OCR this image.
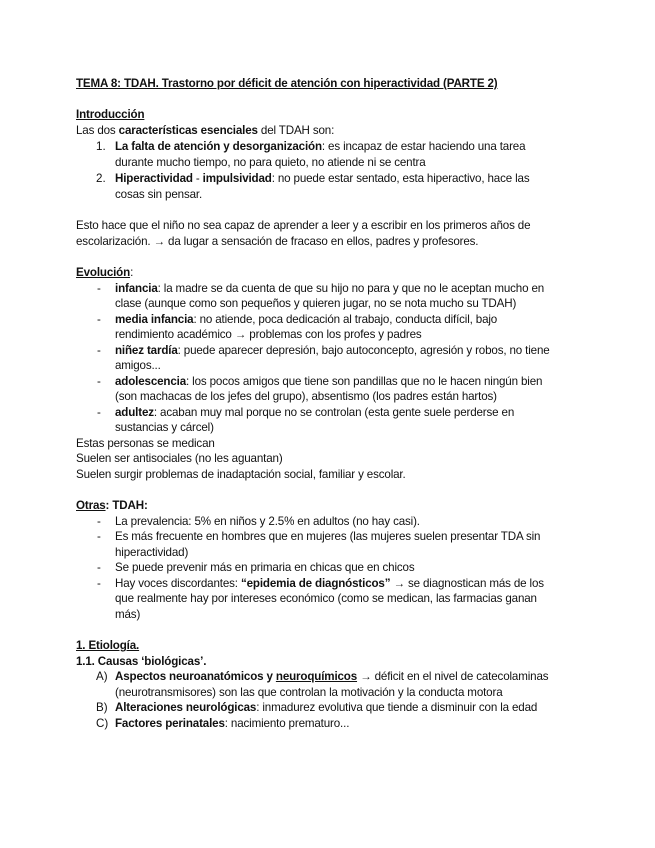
TEMA 8: TDAH. Trastorno por déficit de atención con hiperactividad (PARTE 2)
Introducción
Las dos características esenciales del TDAH son:
1. La falta de atención y desorganización: es incapaz de estar haciendo una tarea
durante mucho tiempo, no para quieto, no atiende ni se centra
2. Hiperactividad - impulsividad: no puede estar sentado, esta hiperactivo, hace las
cosas sin pensar.
Esto hace que el niño no sea capaz de aprender a leer y a escribir en los primeros años de
escolarización. → da lugar a sensación de fracaso en ellos, padres y profesores.
Evolución:
- infancia: la madre se da cuenta de que su hijo no para y que no le aceptan mucho en
clase (aunque como son pequeños y quieren jugar, no se nota mucho su TDAH)
- media infancia: no atiende, poca dedicación al trabajo, conducta difícil, bajo
rendimiento académico → problemas con los profes y padres
- niñez tardía: puede aparecer depresión, bajo autoconcepto, agresión y robos, no tiene
amigos...
- adolescencia: los pocos amigos que tiene son pandillas que no le hacen ningún bien
(son machacas de los jefes del grupo), absentismo (los padres están hartos)
- adultez: acaban muy mal porque no se controlan (esta gente suele perderse en
sustancias y cárcel)
Estas personas se medican
Suelen ser antisociales (no les aguantan)
Suelen surgir problemas de inadaptación social, familiar y escolar.
Otras: TDAH:
- La prevalencia: 5% en niños y 2.5% en adultos (no hay casi).
- Es más frecuente en hombres que en mujeres (las mujeres suelen presentar TDA sin
hiperactividad)
- Se puede prevenir más en primaria en chicas que en chicos
- Hay voces discordantes: “epidemia de diagnósticos” → se diagnostican más de los
que realmente hay por intereses económico (como se medican, las farmacias ganan
más)
1. Etiología.
1.1. Causas ‘biológicas’.
A) Aspectos neuroanatómicos y neuroquímicos → déficit en el nivel de catecolaminas
(neurotransmisores) son las que controlan la motivación y la conducta motora
B) Alteraciones neurológicas: inmadurez evolutiva que tiende a disminuir con la edad
C) Factores perinatales: nacimiento prematuro...
